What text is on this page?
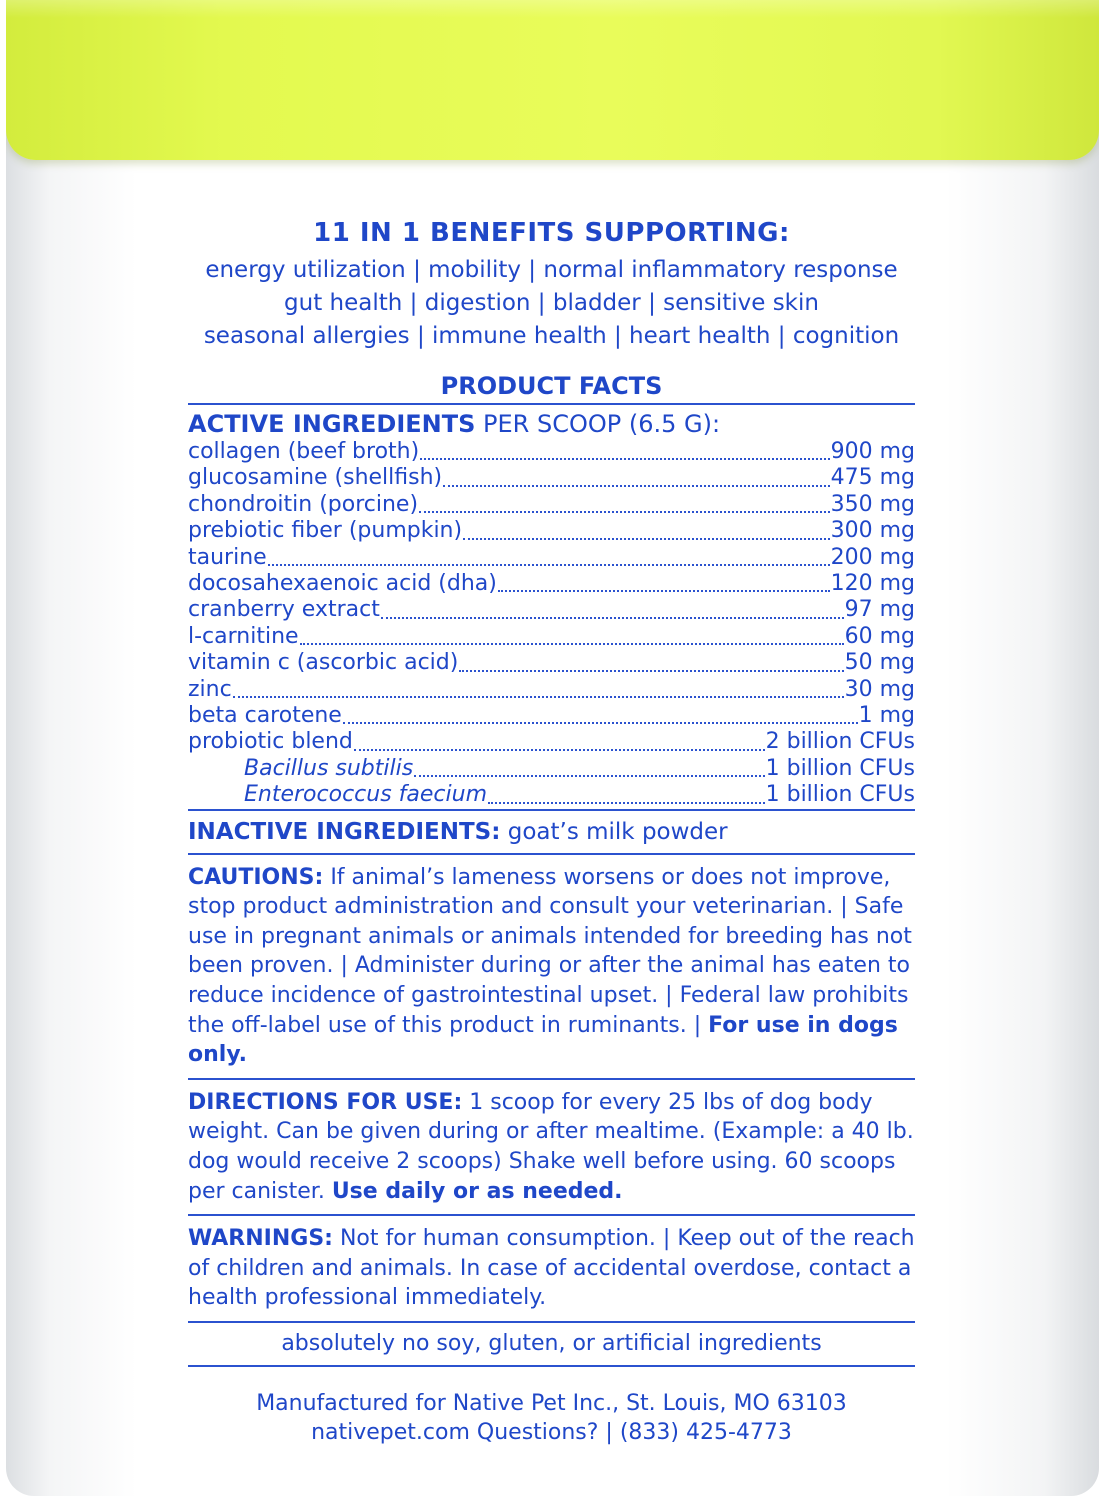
11 IN 1 BENEFITS SUPPORTING:
energy utilization | mobility | normal inflammatory response
gut health | digestion | bladder | sensitive skin
seasonal allergies | immune health | heart health | cognition
PRODUCT FACTS
ACTIVE INGREDIENTS PER SCOOP (6.5 G):
collagen (beef broth)	900 mg
glucosamine (shellfish)	475 mg
chondroitin (porcine)	350 mg
prebiotic fiber (pumpkin)	300 mg
taurine	200 mg
docosahexaenoic acid (dha)	120 mg
cranberry extract	97 mg
l-carnitine	60 mg
vitamin c (ascorbic acid)	50 mg
zinc	30 mg
beta carotene	1 mg
probiotic blend	2 billion CFUs
Bacillus subtilis	1 billion CFUs
Enterococcus faecium	1 billion CFUs
INACTIVE INGREDIENTS: goat’s milk powder
CAUTIONS: If animal’s lameness worsens or does not improve, stop product administration and consult your veterinarian. | Safe use in pregnant animals or animals intended for breeding has not been proven. | Administer during or after the animal has eaten to reduce incidence of gastrointestinal upset. | Federal law prohibits the off-label use of this product in ruminants. | For use in dogs only.
DIRECTIONS FOR USE: 1 scoop for every 25 lbs of dog body weight. Can be given during or after mealtime. (Example: a 40 lb. dog would receive 2 scoops) Shake well before using. 60 scoops per canister. Use daily or as needed.
WARNINGS: Not for human consumption. | Keep out of the reach of children and animals. In case of accidental overdose, contact a health professional immediately.
absolutely no soy, gluten, or artificial ingredients
Manufactured for Native Pet Inc., St. Louis, MO 63103
nativepet.com Questions? | (833) 425-4773
